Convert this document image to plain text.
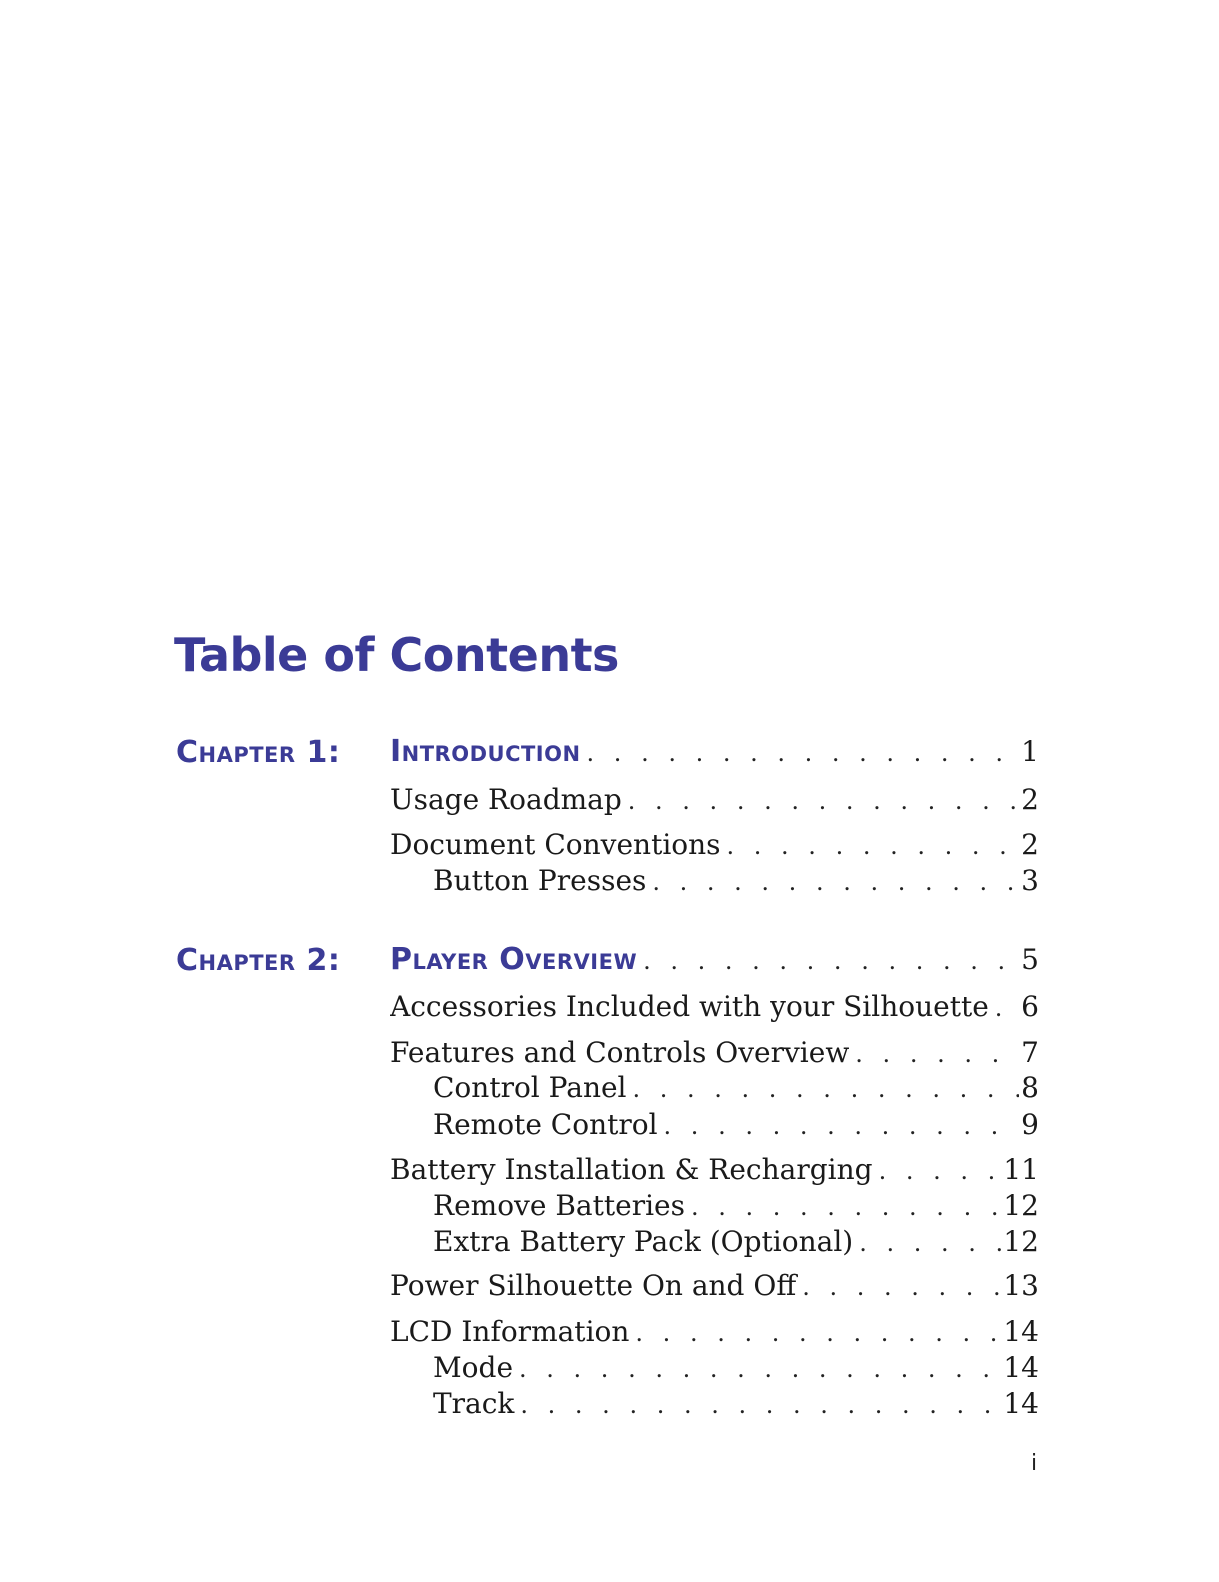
Table of Contents
Chapter 1: Introduction . . .	1
Usage Roadmap . . .	2
Document Conventions . . .	2
Button Presses . . .	3
Chapter 2: Player Overview . . .	5
Accessories Included with your Silhouette . . . 6
Features and Controls Overview . . .	7
Control Panel . . .	8
Remote Control . . .	9
Battery Installation & Recharging . . .	11
Remove Batteries . . .	12
Extra Battery Pack (Optional) . . .	12
Power Silhouette On and Off . . .	13
LCD Information . . .	14
Mode . . .	14
Track . . .	14
i
